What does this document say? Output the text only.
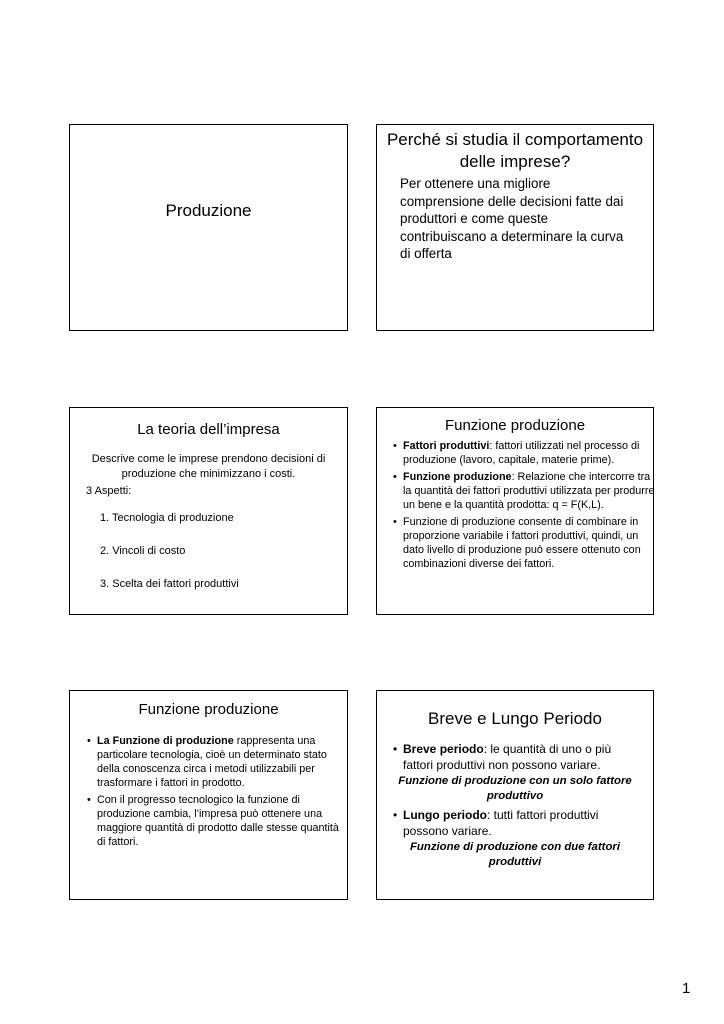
Produzione
Perché si studia il comportamento delle imprese?
Per ottenere una migliore comprensione delle decisioni fatte dai produttori e come queste contribuiscano a determinare la curva di offerta
La teoria dell’impresa
Descrive come le imprese prendono decisioni di produzione che minimizzano i costi.
3 Aspetti:
1. Tecnologia di produzione
2. Vincoli di costo
3. Scelta dei fattori produttivi
Funzione produzione
• Fattori produttivi: fattori utilizzati nel processo di produzione (lavoro, capitale, materie prime).
• Funzione produzione: Relazione che intercorre tra la quantità dei fattori produttivi utilizzata per produrre un bene e la quantità prodotta: q = F(K,L).
• Funzione di produzione consente di combinare in proporzione variabile i fattori produttivi, quindi, un dato livello di produzione può essere ottenuto con combinazioni diverse dei fattori.
Funzione produzione
• La Funzione di produzione rappresenta una particolare tecnologia, cioè un determinato stato della conoscenza circa i metodi utilizzabili per trasformare i fattori in prodotto.
• Con il progresso tecnologico la funzione di produzione cambia, l’impresa può ottenere una maggiore quantità di prodotto dalle stesse quantità di fattori.
Breve e Lungo Periodo
• Breve periodo: le quantità di uno o più fattori produttivi non possono variare.
Funzione di produzione con un solo fattore produttivo
• Lungo periodo: tutti fattori produttivi possono variare.
Funzione di produzione con due fattori produttivi
1
